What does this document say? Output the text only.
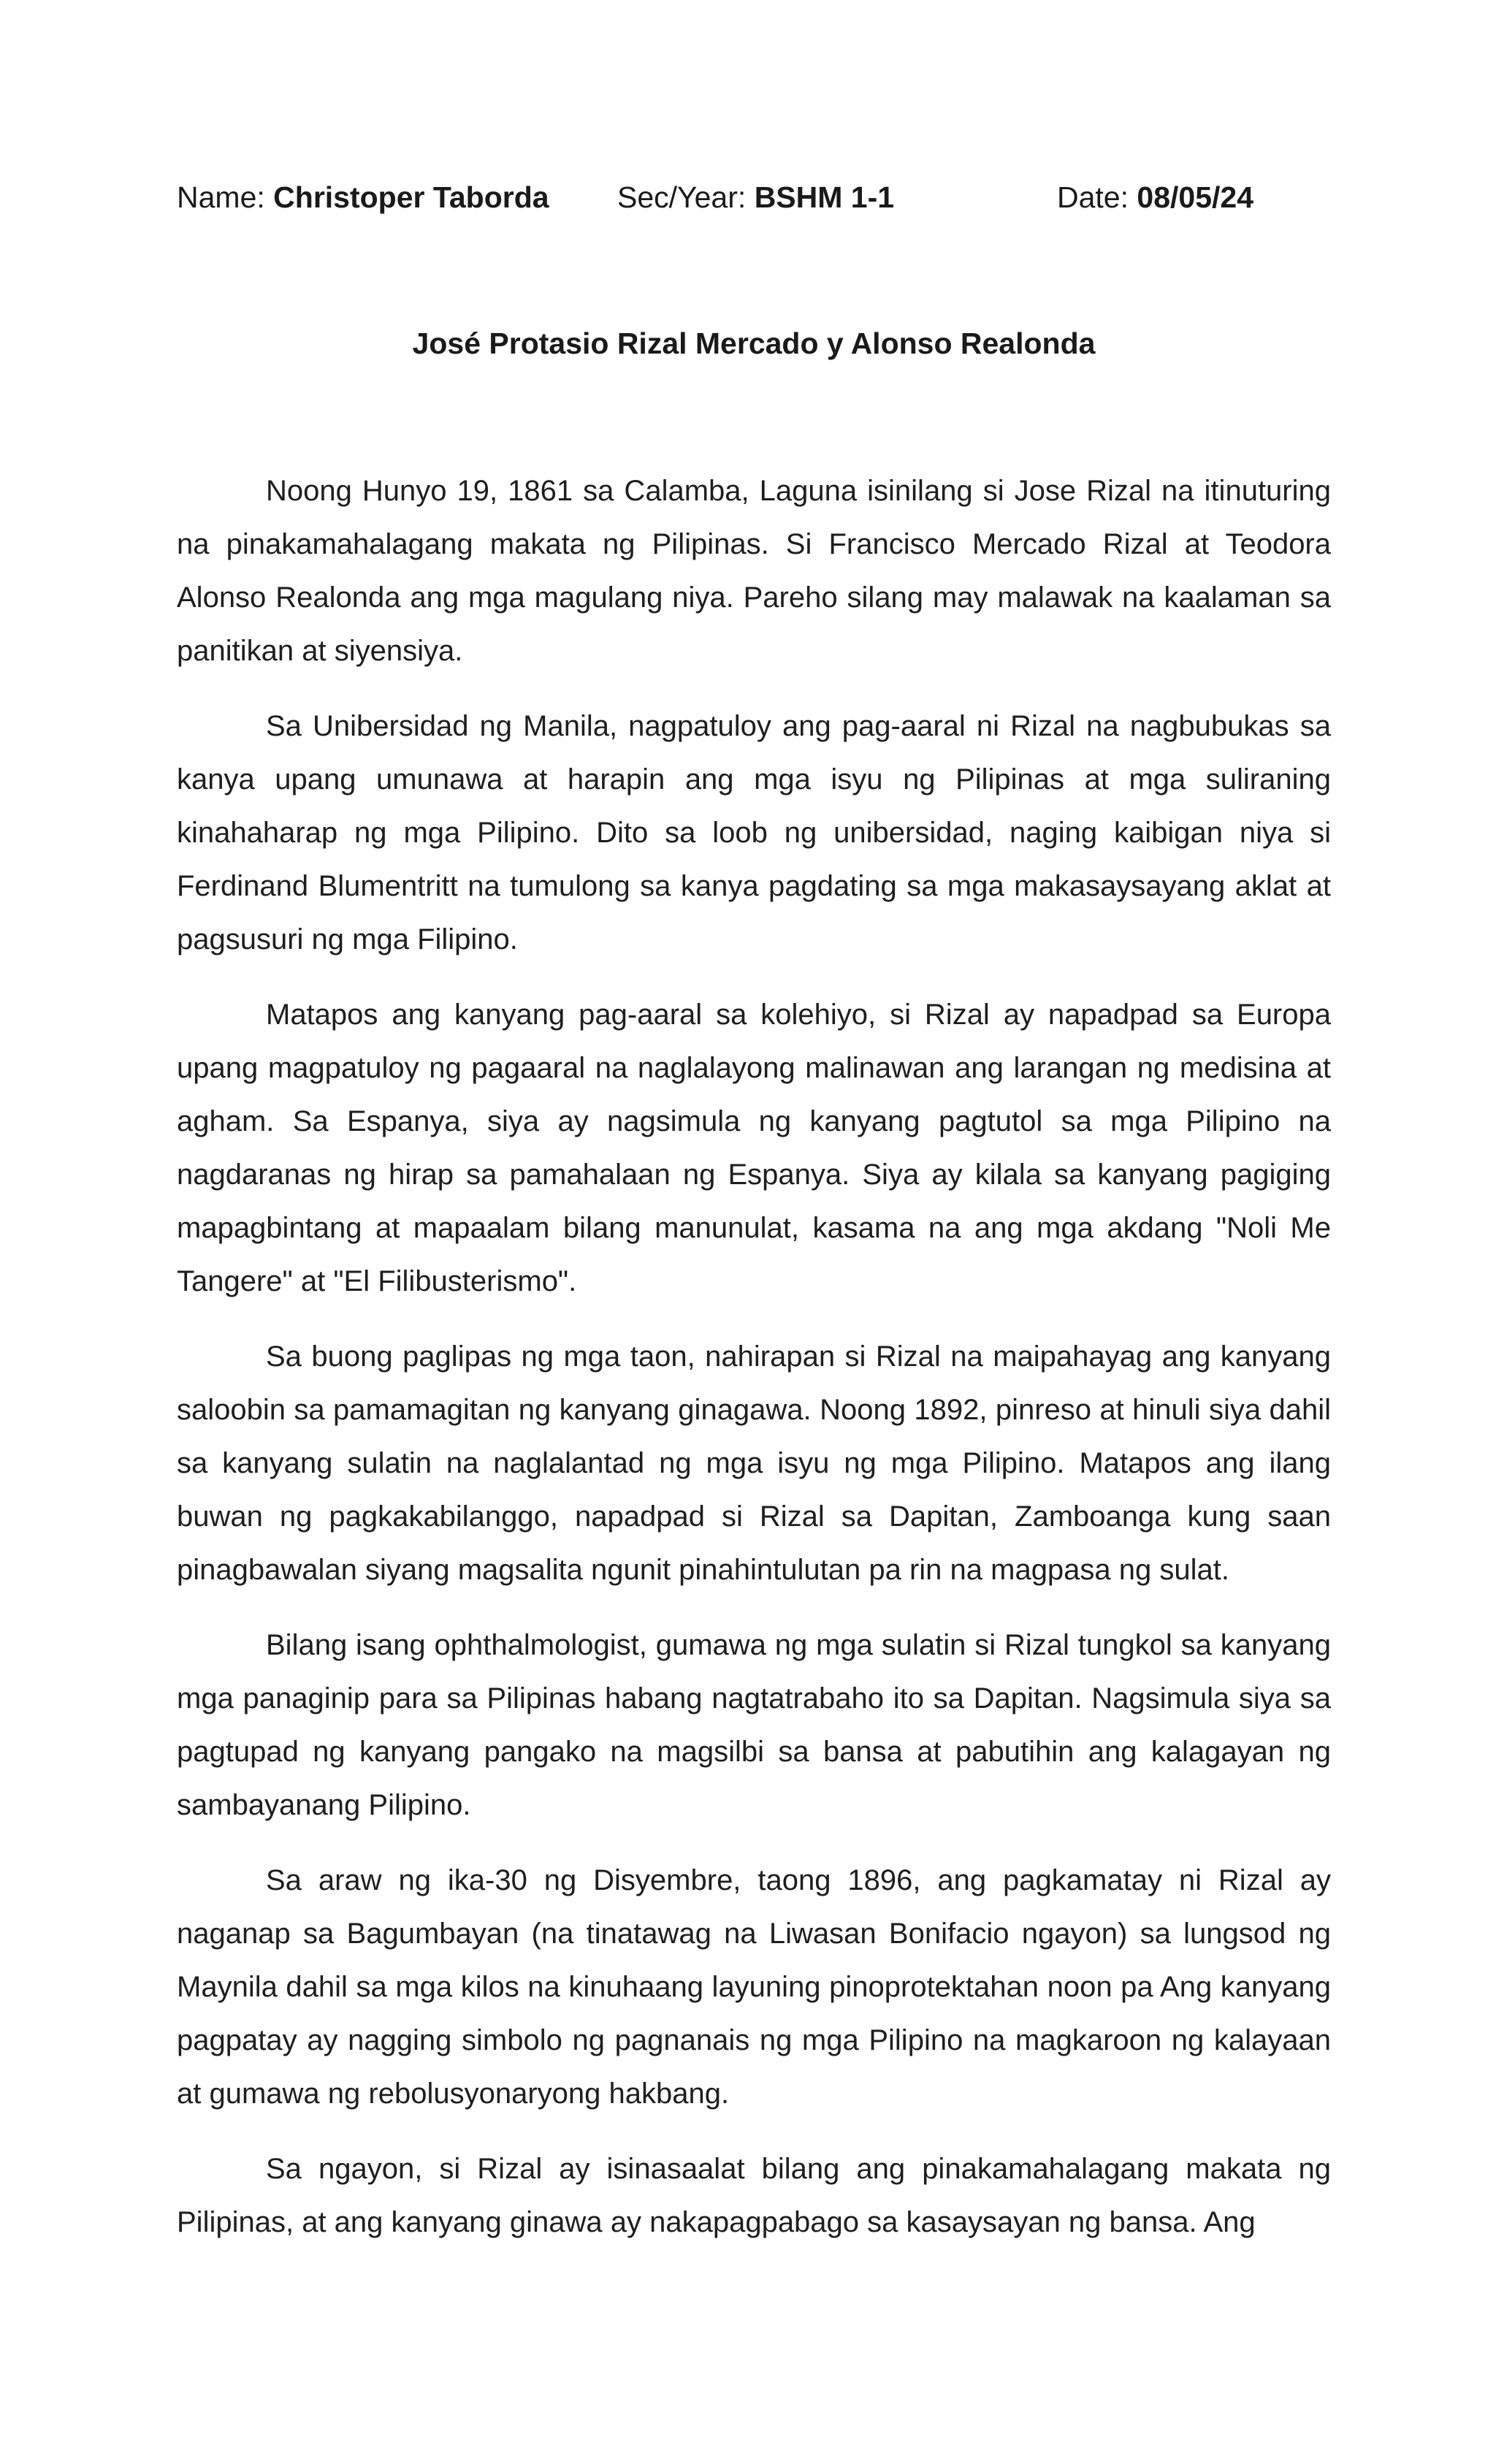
Name: Christoper Taborda Sec/Year: BSHM 1-1	Date: 08/05/24
José Protasio Rizal Mercado y Alonso Realonda

Noong Hunyo 19, 1861 sa Calamba, Laguna isinilang si Jose Rizal na itinuturing na pinakamahalagang makata ng Pilipinas. Si Francisco Mercado Rizal at Teodora Alonso Realonda ang mga magulang niya. Pareho silang may malawak na kaalaman sa panitikan at siyensiya.

Sa Unibersidad ng Manila, nagpatuloy ang pag-aaral ni Rizal na nagbubukas sa kanya upang umunawa at harapin ang mga isyu ng Pilipinas at mga suliraning kinahaharap ng mga Pilipino. Dito sa loob ng unibersidad, naging kaibigan niya si Ferdinand Blumentritt na tumulong sa kanya pagdating sa mga makasaysayang aklat at pagsusuri ng mga Filipino.

Matapos ang kanyang pag-aaral sa kolehiyo, si Rizal ay napadpad sa Europa upang magpatuloy ng pagaaral na naglalayong malinawan ang larangan ng medisina at agham. Sa Espanya, siya ay nagsimula ng kanyang pagtutol sa mga Pilipino na nagdaranas ng hirap sa pamahalaan ng Espanya. Siya ay kilala sa kanyang pagiging mapagbintang at mapaalam bilang manunulat, kasama na ang mga akdang "Noli Me Tangere" at "El Filibusterismo".

Sa buong paglipas ng mga taon, nahirapan si Rizal na maipahayag ang kanyang saloobin sa pamamagitan ng kanyang ginagawa. Noong 1892, pinreso at hinuli siya dahil sa kanyang sulatin na naglalantad ng mga isyu ng mga Pilipino. Matapos ang ilang buwan ng pagkakabilanggo, napadpad si Rizal sa Dapitan, Zamboanga kung saan pinagbawalan siyang magsalita ngunit pinahintulutan pa rin na magpasa ng sulat.

Bilang isang ophthalmologist, gumawa ng mga sulatin si Rizal tungkol sa kanyang mga panaginip para sa Pilipinas habang nagtatrabaho ito sa Dapitan. Nagsimula siya sa pagtupad ng kanyang pangako na magsilbi sa bansa at pabutihin ang kalagayan ng sambayanang Pilipino.

Sa araw ng ika-30 ng Disyembre, taong 1896, ang pagkamatay ni Rizal ay naganap sa Bagumbayan (na tinatawag na Liwasan Bonifacio ngayon) sa lungsod ng Maynila dahil sa mga kilos na kinuhaang layuning pinoprotektahan noon pa Ang kanyang pagpatay ay nagging simbolo ng pagnanais ng mga Pilipino na magkaroon ng kalayaan at gumawa ng rebolusyonaryong hakbang.

Sa ngayon, si Rizal ay isinasaalat bilang ang pinakamahalagang makata ng Pilipinas, at ang kanyang ginawa ay nakapagpabago sa kasaysayan ng bansa. Ang
